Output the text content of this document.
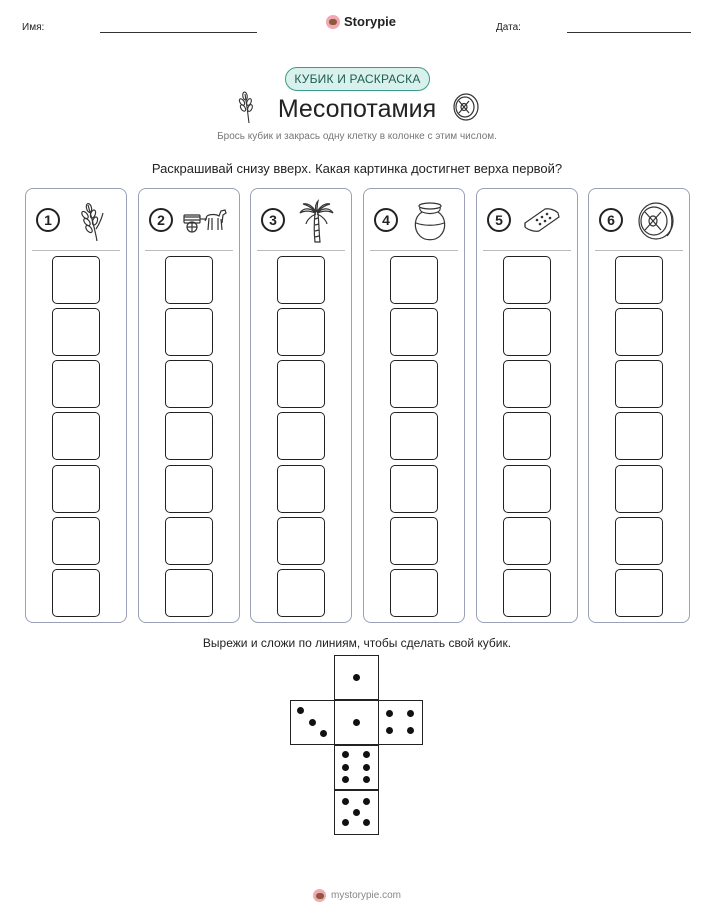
Имя:	Storypie	Дата:
КУБИК И РАСКРАСКА
Месопотамия
Брось кубик и закрась одну клетку в колонке с этим числом.
Раскрашивай снизу вверх. Какая картинка достигнет верха первой?
1	2	3	4	5	6
Вырежи и сложи по линиям, чтобы сделать свой кубик.
mystorypie.com
